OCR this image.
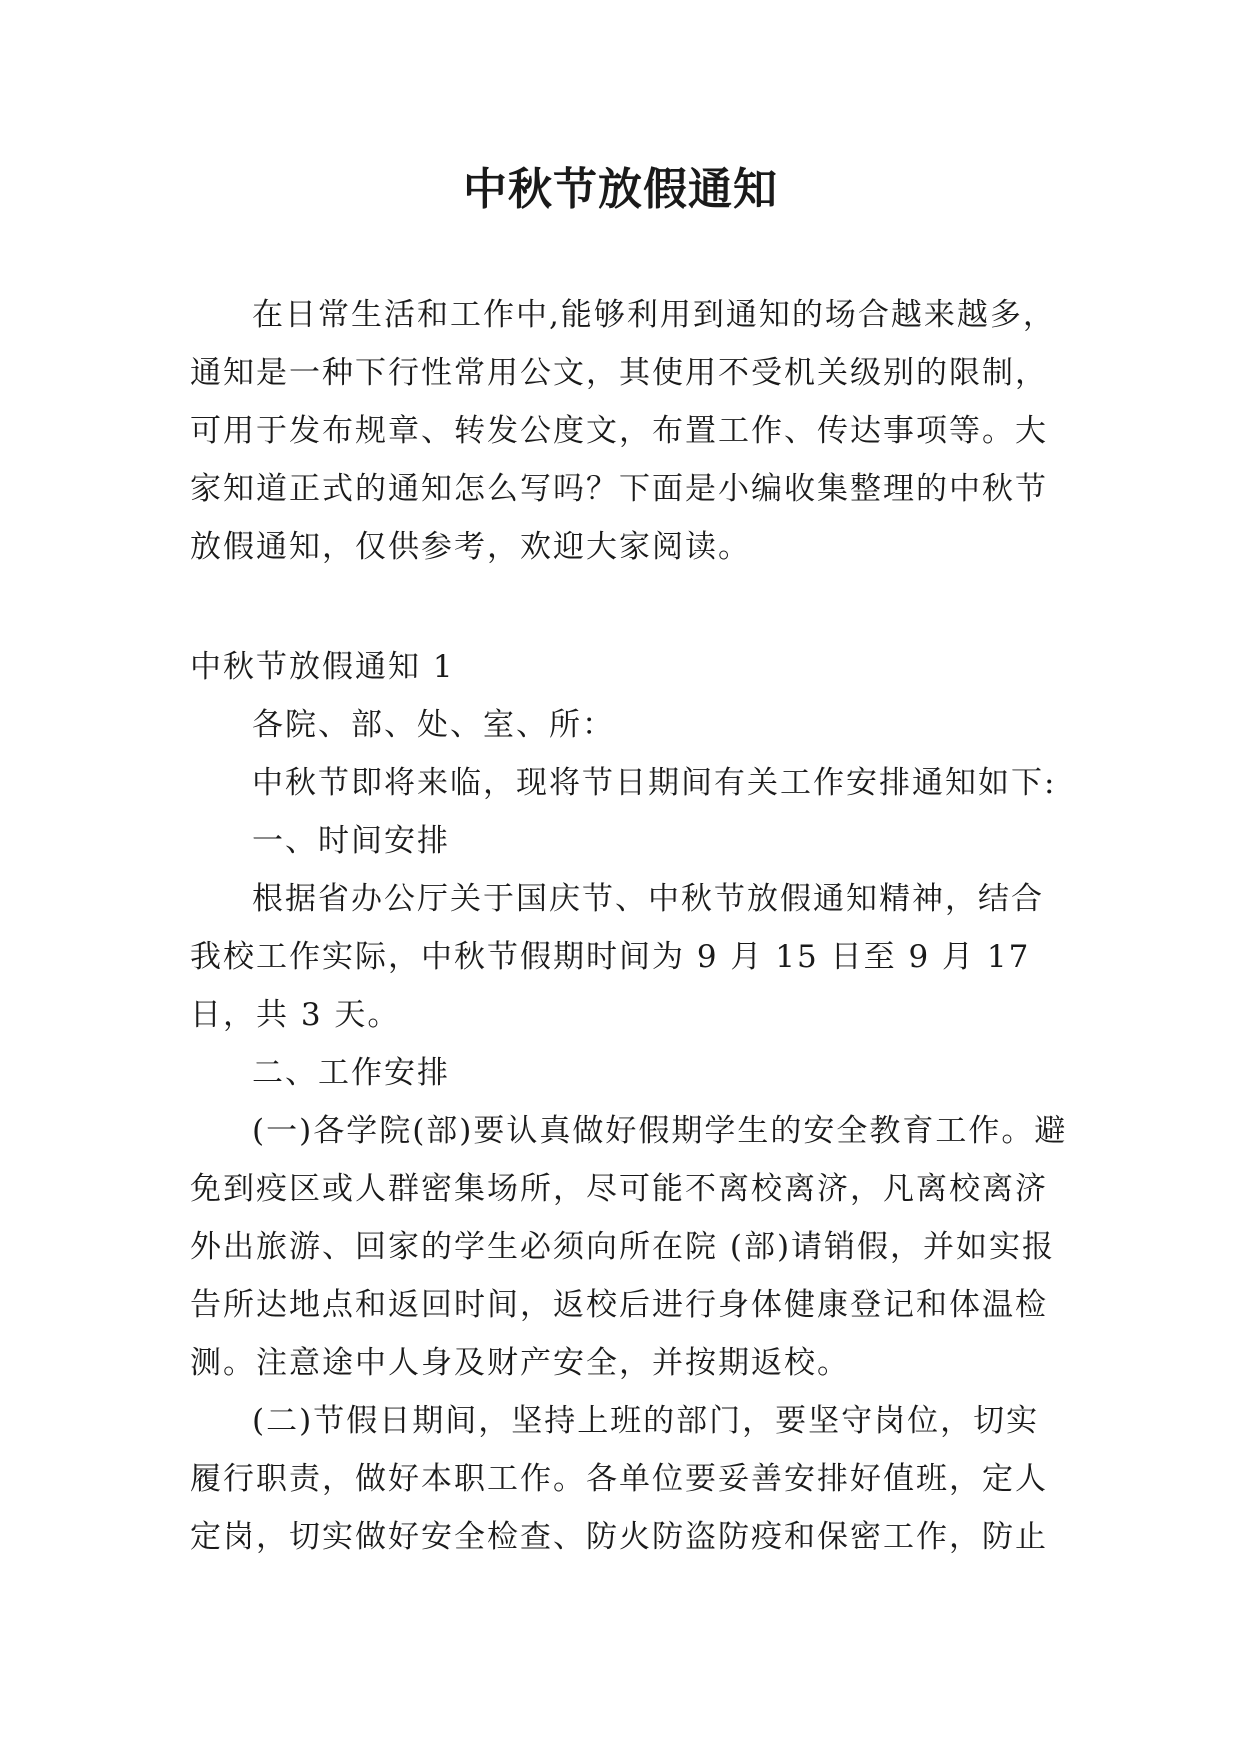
中秋节放假通知

在日常生活和工作中,能够利用到通知的场合越来越多，通知是一种下行性常用公文，其使用不受机关级别的限制，可用于发布规章、转发公度文，布置工作、传达事项等。大家知道正式的通知怎么写吗？下面是小编收集整理的中秋节放假通知，仅供参考，欢迎大家阅读。

中秋节放假通知 1

各院、部、处、室、所：

中秋节即将来临，现将节日期间有关工作安排通知如下:

一、时间安排

根据省办公厅关于国庆节、中秋节放假通知精神，结合我校工作实际，中秋节假期时间为 9 月 15 日至 9 月 17 日，共 3 天。

二、工作安排

(一)各学院(部)要认真做好假期学生的安全教育工作。避免到疫区或人群密集场所，尽可能不离校离济，凡离校离济外出旅游、回家的学生必须向所在院 (部)请销假，并如实报告所达地点和返回时间，返校后进行身体健康登记和体温检测。注意途中人身及财产安全，并按期返校。

(二)节假日期间，坚持上班的部门，要坚守岗位，切实履行职责，做好本职工作。各单位要妥善安排好值班，定人定岗，切实做好安全检查、防火防盗防疫和保密工作，防止
